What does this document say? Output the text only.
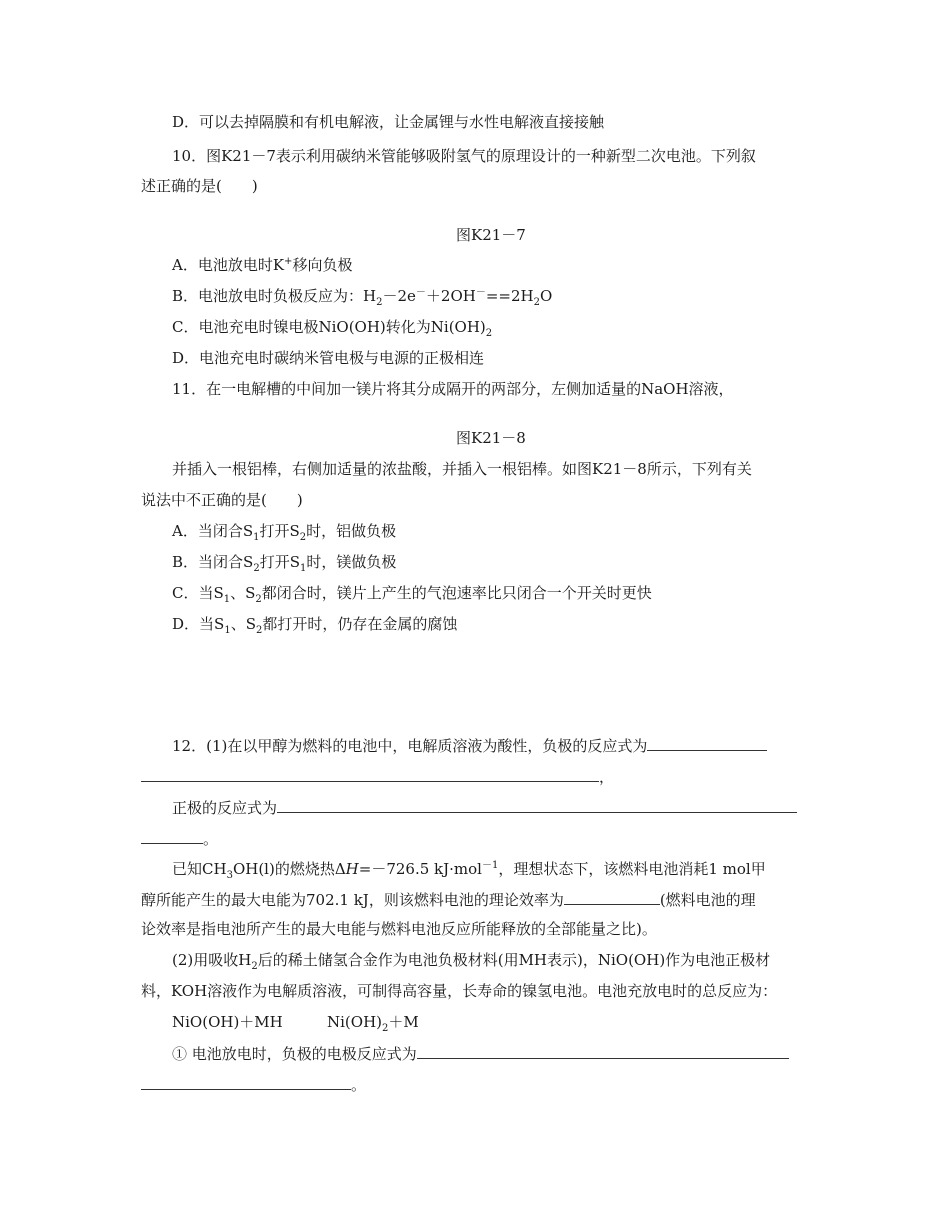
D．可以去掉隔膜和有机电解液，让金属锂与水性电解液直接接触
10．图K21－7表示利用碳纳米管能够吸附氢气的原理设计的一种新型二次电池。下列叙
述正确的是(　　)
图K21－7
A．电池放电时K+移向负极
B．电池放电时负极反应为：$H_2-2e^-+2OH^-==2H_2O$
C．电池充电时镍电极NiO(OH)转化为$Ni(OH)_2$
D．电池充电时碳纳米管电极与电源的正极相连
11．在一电解槽的中间加一镁片将其分成隔开的两部分，左侧加适量的NaOH溶液，
图K21－8
并插入一根铝棒，右侧加适量的浓盐酸，并插入一根铝棒。如图K21－8所示，下列有关
说法中不正确的是(　　)
A．当闭合$S_1$打开$S_2$时，铝做负极
B．当闭合$S_2$打开$S_1$时，镁做负极
C．当$S_1$、$S_2$都闭合时，镁片上产生的气泡速率比只闭合一个开关时更快
D．当$S_1$、$S_2$都打开时，仍存在金属的腐蚀
12．(1)在以甲醇为燃料的电池中，电解质溶液为酸性，负极的反应式为
，
正极的反应式为
。
已知$CH_3OH(l)$的燃烧热ΔH=－726.5 kJ·mol$^{-1}$，理想状态下，该燃料电池消耗1 mol甲
醇所能产生的最大电能为702.1 kJ，则该燃料电池的理论效率为	(燃料电池的理
论效率是指电池所产生的最大电能与燃料电池反应所能释放的全部能量之比)。
(2)用吸收$H_2$后的稀土储氢合金作为电池负极材料(用MH表示)，NiO(OH)作为电池正极材
料，KOH溶液作为电解质溶液，可制得高容量，长寿命的镍氢电池。电池充放电时的总反应为：
NiO(OH)＋MH	$Ni(OH)_2+M$
① 电池放电时，负极的电极反应式为
。
